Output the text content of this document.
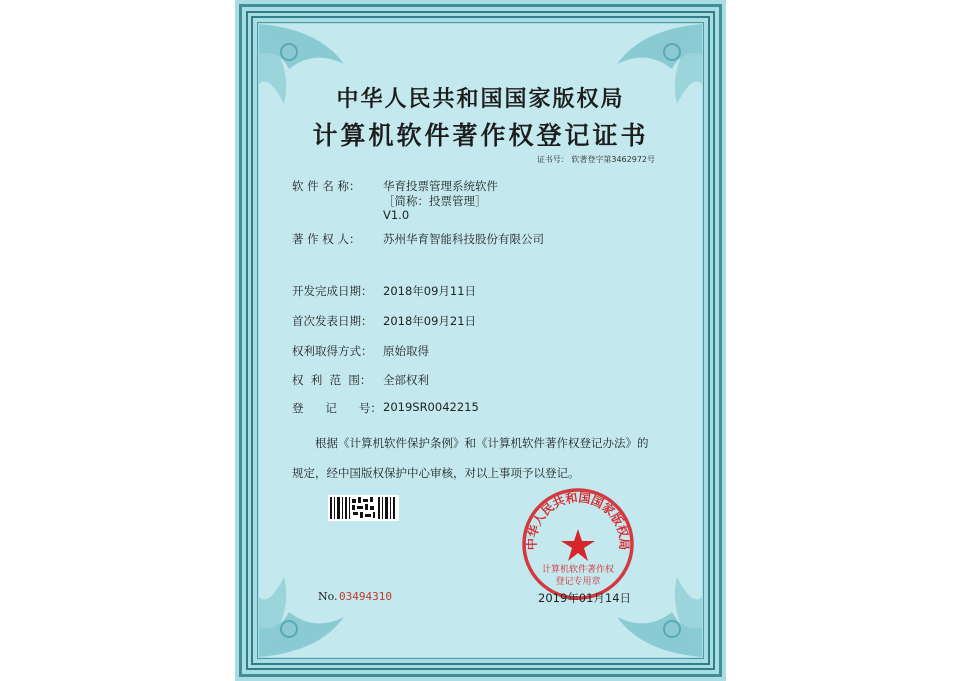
中华人民共和国国家版权局
计算机软件著作权登记证书
证书号： 软著登字第3462972号
软 件 名 称： 华育投票管理系统软件
［简称：投票管理］
V1.0
著 作 权 人： 苏州华育智能科技股份有限公司
开发完成日期： 2018年09月11日
首次发表日期： 2018年09月21日
权利取得方式： 原始取得
权  利  范  围： 全部权利
登      记      号： 2019SR0042215
根据《计算机软件保护条例》和《计算机软件著作权登记办法》的
规定，经中国版权保护中心审核，对以上事项予以登记。
中华人民共和国国家版权局
计算机软件著作权
登记专用章
No. 03494310	2019年01月14日
